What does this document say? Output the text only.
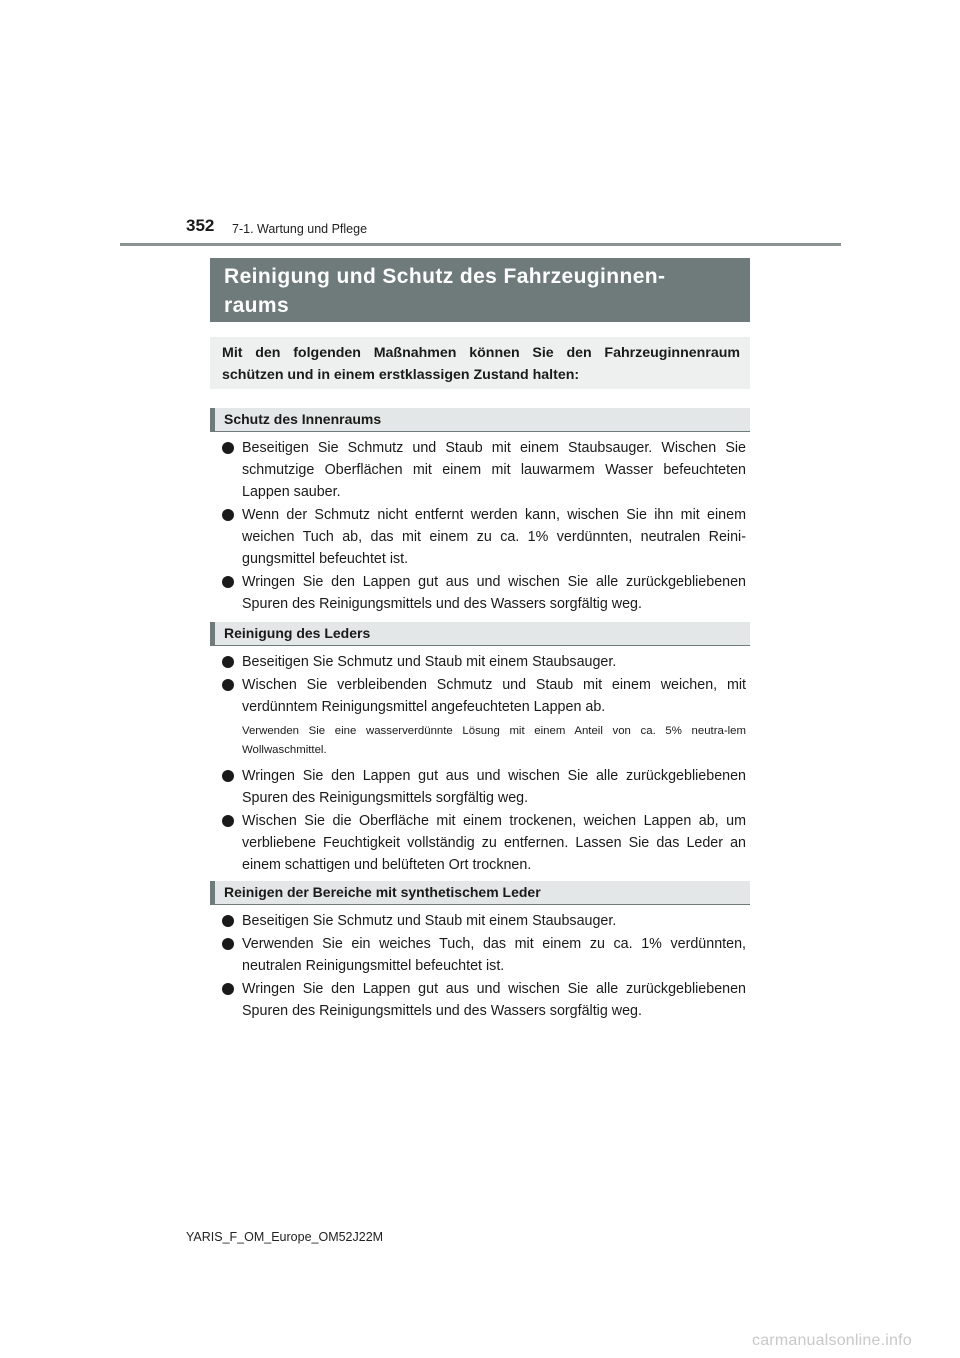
352 7-1. Wartung und Pflege
Reinigung und Schutz des Fahrzeuginnen-
raums

Mit den folgenden Maßnahmen können Sie den Fahrzeuginnenraum schützen und in einem erstklassigen Zustand halten:

Schutz des Innenraums
Beseitigen Sie Schmutz und Staub mit einem Staubsauger. Wischen Sie schmutzige Oberflächen mit einem mit lauwarmem Wasser befeuchteten Lappen sauber.
Wenn der Schmutz nicht entfernt werden kann, wischen Sie ihn mit einem weichen Tuch ab, das mit einem zu ca. 1% verdünnten, neutralen Reini-gungsmittel befeuchtet ist.
Wringen Sie den Lappen gut aus und wischen Sie alle zurückgebliebenen Spuren des Reinigungsmittels und des Wassers sorgfältig weg.
Reinigung des Leders
Beseitigen Sie Schmutz und Staub mit einem Staubsauger.
Wischen Sie verbleibenden Schmutz und Staub mit einem weichen, mit verdünntem Reinigungsmittel angefeuchteten Lappen ab.
Verwenden Sie eine wasserverdünnte Lösung mit einem Anteil von ca. 5% neutra-lem Wollwaschmittel.
Wringen Sie den Lappen gut aus und wischen Sie alle zurückgebliebenen Spuren des Reinigungsmittels sorgfältig weg.
Wischen Sie die Oberfläche mit einem trockenen, weichen Lappen ab, um verbliebene Feuchtigkeit vollständig zu entfernen. Lassen Sie das Leder an einem schattigen und belüfteten Ort trocknen.
Reinigen der Bereiche mit synthetischem Leder
Beseitigen Sie Schmutz und Staub mit einem Staubsauger.
Verwenden Sie ein weiches Tuch, das mit einem zu ca. 1% verdünnten, neutralen Reinigungsmittel befeuchtet ist.
Wringen Sie den Lappen gut aus und wischen Sie alle zurückgebliebenen Spuren des Reinigungsmittels und des Wassers sorgfältig weg.
YARIS_F_OM_Europe_OM52J22M
carmanualsonline.info
